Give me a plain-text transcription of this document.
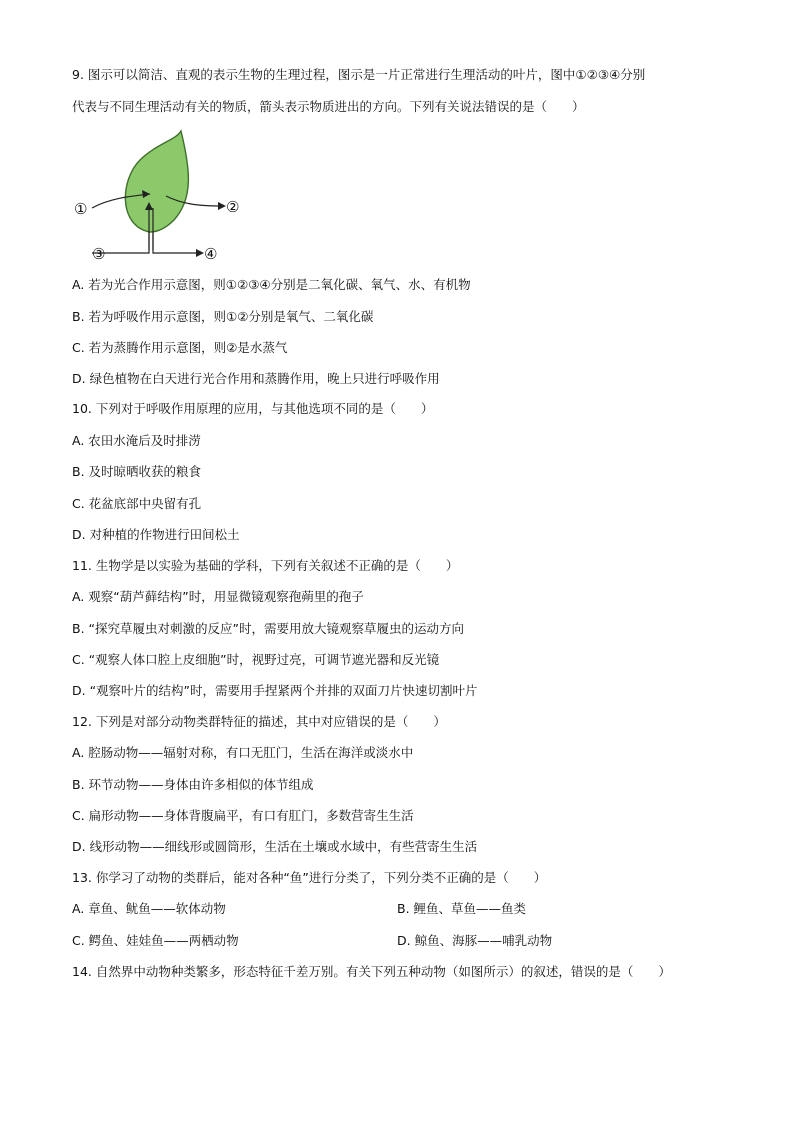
9. 图示可以简洁、直观的表示生物的生理过程，图示是一片正常进行生理活动的叶片，图中①②③④分别
代表与不同生理活动有关的物质，箭头表示物质进出的方向。下列有关说法错误的是（　　）
①	②
③	④
A. 若为光合作用示意图，则①②③④分别是二氧化碳、氧气、水、有机物
B. 若为呼吸作用示意图，则①②分别是氧气、二氧化碳
C. 若为蒸腾作用示意图，则②是水蒸气
D. 绿色植物在白天进行光合作用和蒸腾作用，晚上只进行呼吸作用
10. 下列对于呼吸作用原理的应用，与其他选项不同的是（　　）
A. 农田水淹后及时排涝
B. 及时晾晒收获的粮食
C. 花盆底部中央留有孔
D. 对种植的作物进行田间松土
11. 生物学是以实验为基础的学科，下列有关叙述不正确的是（　　）
A. 观察“葫芦藓结构”时，用显微镜观察孢蒴里的孢子
B. “探究草履虫对刺激的反应”时，需要用放大镜观察草履虫的运动方向
C. “观察人体口腔上皮细胞”时，视野过亮，可调节遮光器和反光镜
D. “观察叶片的结构”时，需要用手捏紧两个并排的双面刀片快速切割叶片
12. 下列是对部分动物类群特征的描述，其中对应错误的是（　　）
A. 腔肠动物——辐射对称，有口无肛门，生活在海洋或淡水中
B. 环节动物——身体由许多相似的体节组成
C. 扁形动物——身体背腹扁平，有口有肛门，多数营寄生生活
D. 线形动物——细线形或圆筒形，生活在土壤或水域中，有些营寄生生活
13. 你学习了动物的类群后，能对各种“鱼”进行分类了，下列分类不正确的是（　　）
A. 章鱼、鱿鱼——软体动物	B. 鲤鱼、草鱼——鱼类
C. 鳄鱼、娃娃鱼——两栖动物	D. 鲸鱼、海豚——哺乳动物
14. 自然界中动物种类繁多，形态特征千差万别。有关下列五种动物（如图所示）的叙述，错误的是（　　）
